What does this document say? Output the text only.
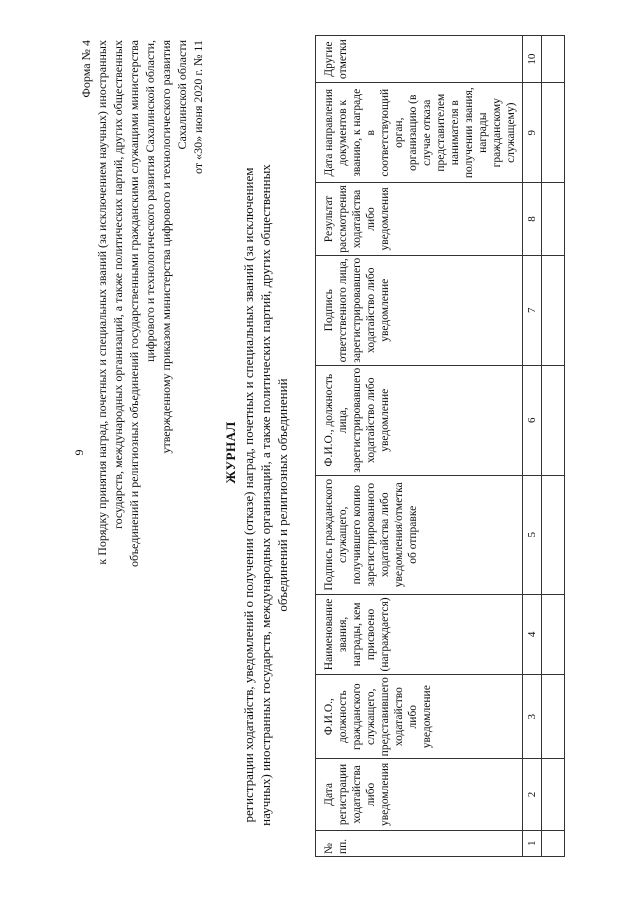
9
Форма № 4 к Порядку принятия наград, почетных и специальных званий (за исключением научных) иностранных государств, международных организаций, а также политических партий, других общественных объединений и религиозных объединений государственными гражданскими служащими министерства цифрового и технологического развития Сахалинской области, утвержденному приказом министерства цифрового и технологического развития Сахалинской области от «30» июня 2020 г. № 11
ЖУРНАЛ регистрации ходатайств, уведомлений о получении (отказе) наград, почетных и специальных званий (за исключением научных) иностранных государств, международных организаций, а также политических партий, других общественных объединений и религиозных объединений
№ пп.	Дата регистрации ходатайства либо уведомления	Ф.И.О., должность гражданского служащего, представившего ходатайство либо уведомление	Наименование звания, награды, кем присвоено (награждается)	Подпись гражданского служащего, получившего копию зарегистрированного ходатайства либо уведомления/отметка об отправке	Ф.И.О., должность лица, зарегистрировавшего ходатайство либо уведомление	Подпись ответственного лица, зарегистрировавшего ходатайство либо уведомление	Результат рассмотрения ходатайства либо уведомления	Дата направления документов к званию, к награде в соответствующий орган, организацию (в случае отказа представителем нанимателя в получении звания, награды гражданскому служащему)	Другие отметки
1	2	3	4	5	6	7	8	9	10
